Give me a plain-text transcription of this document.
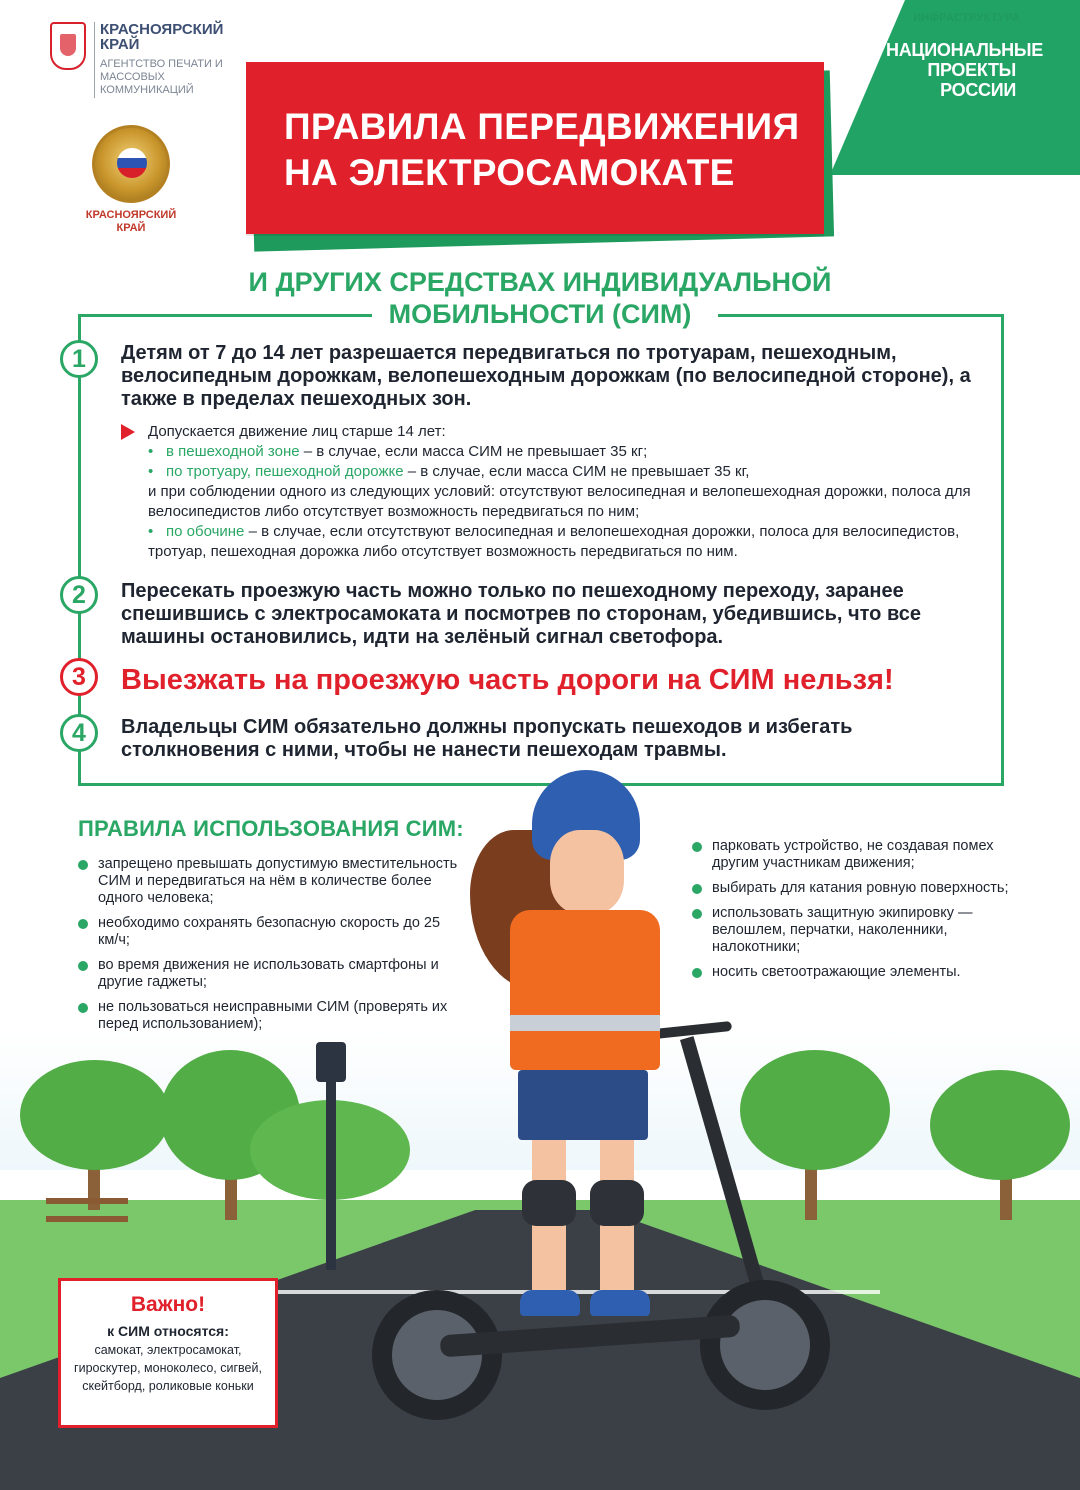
КРАСНОЯРСКИЙ КРАЙ
АГЕНТСТВО ПЕЧАТИ И МАССОВЫХ КОММУНИКАЦИЙ
КРАСНОЯРСКИЙ КРАЙ
ИНФРАСТРУКТУРА
НАЦИОНАЛЬНЫЕ ПРОЕКТЫ РОССИИ
ПРАВИЛА ПЕРЕДВИЖЕНИЯ НА ЭЛЕКТРОСАМОКАТЕ
И ДРУГИХ СРЕДСТВАХ ИНДИВИДУАЛЬНОЙ МОБИЛЬНОСТИ (СИМ)
1	Детям от 7 до 14 лет разрешается передвигаться по тротуарам, пешеходным, велосипедным дорожкам, велопешеходным дорожкам (по велосипедной стороне), а также в пределах пешеходных зон.
Допускается движение лиц старше 14 лет:
• в пешеходной зоне – в случае, если масса СИМ не превышает 35 кг;
• по тротуару, пешеходной дорожке – в случае, если масса СИМ не превышает 35 кг,
и при соблюдении одного из следующих условий: отсутствуют велосипедная и велопешеходная дорожки, полоса для велосипедистов либо отсутствует возможность передвигаться по ним;
• по обочине – в случае, если отсутствуют велосипедная и велопешеходная дорожки, полоса для велосипедистов, тротуар, пешеходная дорожка либо отсутствует возможность передвигаться по ним.
2	Пересекать проезжую часть можно только по пешеходному переходу, заранее спешившись с электросамоката и посмотрев по сторонам, убедившись, что все машины остановились, идти на зелёный сигнал светофора.
3	Выезжать на проезжую часть дороги на СИМ нельзя!
4	Владельцы СИМ обязательно должны пропускать пешеходов и избегать столкновения с ними, чтобы не нанести пешеходам травмы.
ПРАВИЛА ИСПОЛЬЗОВАНИЯ СИМ:
запрещено превышать допустимую вместительность СИМ и передвигаться на нём в количестве более одного человека;
необходимо сохранять безопасную скорость до 25 км/ч;
во время движения не использовать смартфоны и другие гаджеты;
не пользоваться неисправными СИМ (проверять их перед использованием);
парковать устройство, не создавая помех другим участникам движения;
выбирать для катания ровную поверхность;
использовать защитную экипировку — велошлем, перчатки, наколенники, налокотники;
носить светоотражающие элементы.
Важно!
к СИМ относятся:
самокат, электросамокат, гироскутер, моноколесо, сигвей, скейтборд, роликовые коньки
